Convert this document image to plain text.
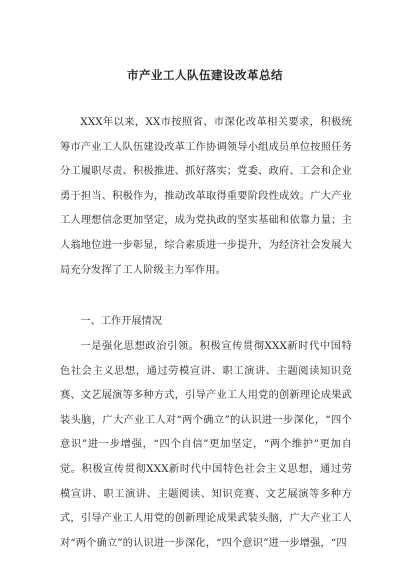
市产业工人队伍建设改革总结

XXX年以来，XX市按照省、市深化改革相关要求，积极统筹市产业工人队伍建设改革工作协调领导小组成员单位按照任务分工履职尽责、积极推进、抓好落实；党委、政府、工会和企业勇于担当、积极作为，推动改革取得重要阶段性成效。广大产业工人理想信念更加坚定，成为党执政的坚实基础和依靠力量；主人翁地位进一步彰显，综合素质进一步提升，为经济社会发展大局充分发挥了工人阶级主力军作用。

一、工作开展情况

一是强化思想政治引领。积极宣传贯彻XXX新时代中国特色社会主义思想，通过劳模宣讲、职工演讲、主题阅读知识竞赛、文艺展演等多种方式，引导产业工人用党的创新理论成果武装头脑，广大产业工人对“两个确立”的认识进一步深化，“四个意识”进一步增强，“四个自信”更加坚定，“两个维护”更加自觉。积极宣传贯彻XXX新时代中国特色社会主义思想，通过劳模宣讲、职工演讲、主题阅读、知识竞赛、文艺展演等多种方式，引导产业工人用党的创新理论成果武装头脑，广大产业工人对“两个确立”的认识进一步深化，“四个意识”进一步增强，“四
